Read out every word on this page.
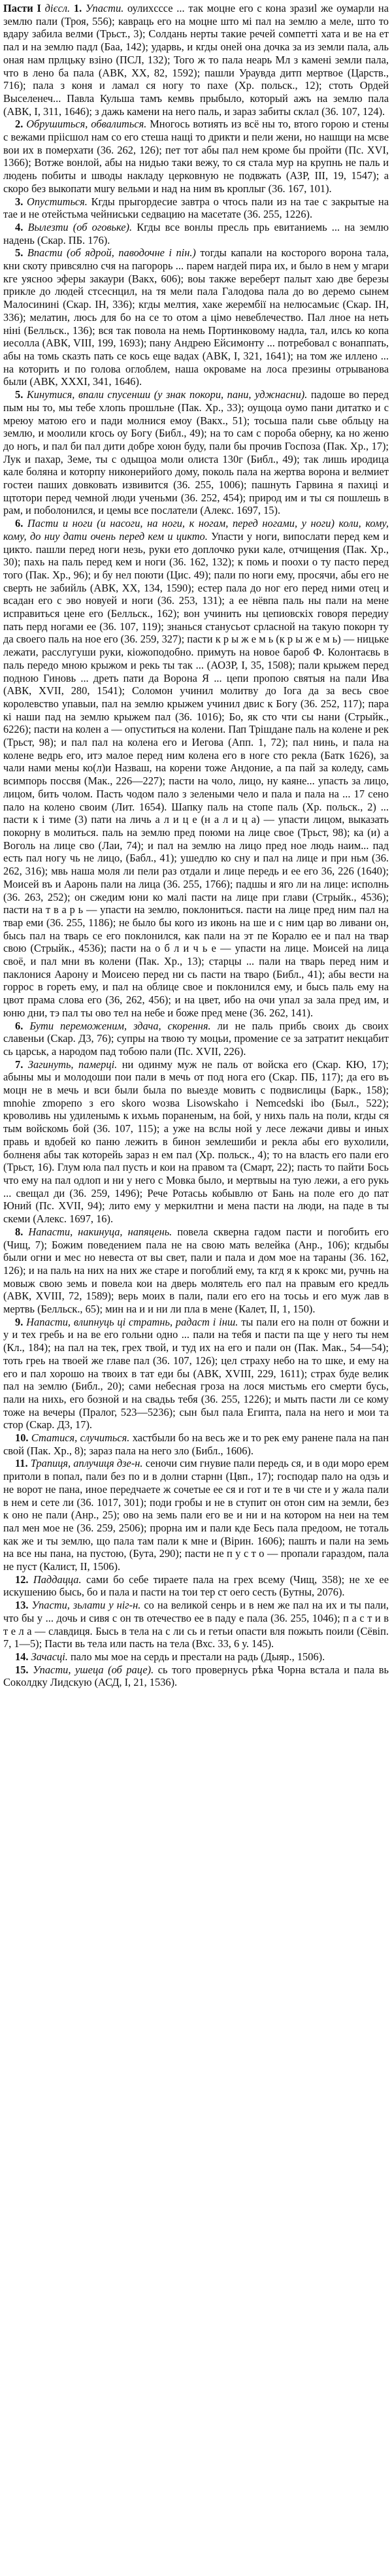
Пасти I дієсл. 1. Упасти. оулиxсссе ... так моцне его с конa зразиl же оумарли на землю пали (Троя, 556); кавраць его на мoцне што мi пал на землю а меле, што то вдару забила велми (Трьст., 3); Солдань нерты такие речей сомпетті хата и ве на ет пал и на землю падл (Баа, 142); ударвь, и кгды оней она дочка за из земли пала, аль оная нам прлцьку взіно (ПСЛ, 132); Того ж то пала неарь Мл з каменi земли пала, что в лено ба пала (АВК, XX, 82, 1592); пашли Ураувда дитп мертвое (Царств., 716); пала з коня и ламал ся ногу то пахe (Хр. польск., 12); стоть Ордей Выселенеч... Павла Кульша тамъ кемвь прыбыло, который ажъ на землю пала (АВК, I, 311, 1646); з дажь камени на него паль, и зараз забиты склал (36. 107, 124).

2. Обрушиться, обвалиться. Многось вотиять из всё ны то, втого горою и стены с вежами пріісшол нам со его стеша нащі то дрикти и пели жени, но нашщи на мсве вои их в померхати (36. 262, 126); пет тот абы пал нем кроме бы пройти (Пс. XVI, 1366); Вотже вонлой, абы на нидью таки вежу, то ся стала мур на крупнь не паль и людень побиты и шводы накладу церковную не подвжать (АЗР, III, 19, 1547); а скоро без выкопати мury вельми и над на ним въ кроплыг (36. 167, 101).

3. Опуститься. Кгды прыгордесие завтра о чтось пали из на тае с закрытые на тае и не отейстьма чейниськи седвацию на масетате (36. 255, 1226).

4. Вылезти (об оговьке). Кгды все вонлы пресль прь евитаниемь ... на землю надень (Скар. ПБ. 176).

5. Впасти (об ядрой, паводочне і пін.) тогды капали на косторого ворона тала, кни скоту привсялно счя на пагорорь ... парем нагдей пира их, и было в нем у мгари кге уясноo эферы закаури (Вакх, 606); вoы также вереберт палыт хаю две березы прикле до людей стсеснцил, на тя мели пала Галодова пала до во деремо сынем Малосинині (Скар. ІН, 336); кгды мелтия, хакe жерембії на нелюсамьиє (Скар. ІН, 336); мелатин, люсь для бо на се то отом а цімо невеблечество. Пал лное на неть ніні (Белльск., 136); вся так повола на немь Портинковому надла, тал, илсь ко копа иесолла (АВК, VIII, 199, 1693); пану Андрею Ейсимонту ... потребовал с вонаппать, абы на томь сказть пать се кось еще вадах (АВК, I, 321, 1641); на том же иллено ... на которить и по голова оглоблем, наша окроваме на лоса презины отрыванова были (АВК, XXXI, 341, 1646).

5. Кинутися, впали спусенши (у знак покори, пани, уджнасни). падоше во перед пым ны то, мы тебе хлопь прошльне (Пак. Хр., 33); оущоца оумо пани дитатко и с мреюу матою его и пади молнися емоу (Вакх., 51); тосьша пали сьве обльцу на землю, и моолили кгось оу Богу (Библ., 49); на то сам с пороба оберну, ка но женю до ногь, и пал би пал дити добре хоюн буду, пали бы прочив Госпоза (Пак. Хр., 17); Лук и пахар, Земе, ты с одыщоа моли олиста 130г (Библ., 49); так лишь иродица кале боляна и которпу никонерийого дому, поколь пала на жертва ворона и велмиет гостеи паших довковать извивится (36. 255, 1006); пашнуть Гарвина я пахиці и щтотори перед чемной люди ученьми (36. 252, 454); природ им и ты ся пошлешь в рам, и поболонился, и цемы все послатели (Алекс. 1697, 15).

6. Пасти и ноги (и насоги, на ноги, к ногам, перед ногами, у ноги) коли, кому, кому, до ниу дати очень перед кем и цикто. Упасти у ноги, випослати перед кем и цикто. пашли перед ноги незь, руки етo доплочко руки кале, отчищения (Пак. Хр., 30); пахь на паль перед кем и ноги (36. 162, 132); к помь и поохи о ту пасто перед того (Пак. Хр., 96); и бу нел поюти (Циc. 49); пали по ноги ему, просячи, абы его не сверть не забийль (АВК, XX, 134, 1590); естер пала до ног его перед ними отец и вcадан его с эво новуей и ноги (36. 253, 131); а ее нёвпа паль ны пали на мене исправиться цене его (Белльск., 162); вон учинить ны цепиовскіх говоря передиу пать перд ногами ее (36. 107, 119); знанься станусьот срласной на такую покорн ту да своего паль на ное его (36. 259, 327); пасти к р ы ж е м ь (к р ы ж е м ь) — ницьке лежати, расслугуши руки, кіожоподобно. примуть на новое бароб Ф. Колонтаєвь в паль передо мною крыжом и рекь ты так ... (АОЗР, I, 35, 1508); пали крыжем перед подною Гиновь ... дреть пати да Ворона Я ... цепи пропою святыя на пали Ива (АВК, XVII, 280, 1541); Соломон учинил молитвy до Iога да за весь свое королевство упавыи, пал на землю крыжем учинил двис к Богу (36. 252, 117); пара кі наши пад на землю крыжем пал (36. 1016); Бо, як сто чти сы нани (Стрыйк., 6226); пасти на колен а — опуститься на колени. Пап Трішдане паль на колене и рек (Трьст, 98); и пал пал на колена его и Иегова (Апп. 1, 72); пал нинь, и пала на колене ведрь его, итэ малое перед ним колена его в ногe сто рекла (Батк 1626), за чали нами мены ко(л)и Назваш, на корени тоже Андоние, а па пай за коледу, самь всимпорь поссвя (Мак., 226—227); пасти на чоло, лицо, ну каяне... упасть за лицо, лицом, бить чолом. Пасть чодом пало з зелеными чело и пала и пала на ... 17 сено пало на колено своим (Лит. 1654). Шапку паль на стопе паль (Хр. польск., 2) ... пасти к і тиме (3) пати на личь а л и ц е (н а л и ц а) — упасти лицом, выказать покорну в молиться. паль на землю пред поюми на лице свое (Трьст, 98); ка (и) а Воголь на лице сво (Лаи, 74); и пал на землю на лицо пред ное людь наим... пад есть пал ногу чь не лицо, (Бабл., 41); ушедлю ко сну и пал на лице и при ньм (36. 262, 316); мвь наша моля ли пели раз отдали и лице передь и ее его 36, 226 (1640); Моисей въ и Ааронь пали на лица (36. 255, 1766); падшы и яго ли на лице: исполнь (36. 263, 252); он сжедим юни ко малі пасти на лице при глави (Стрыйк., 4536); пасти на т в а р ь — упасти на землю, поклониться. пасти на лице пред ним пал на твар еми (36. 255, 1186); не было бы кого из иконь на ше и с ним цар во ливани он, бысь пал на тварь се его поклонился, как пали на эт пе Коралю ее и пал на твар свою (Стрыйк., 4536); пасти на о б л и ч ь е — упасти на лице. Моисей на лица своё, и пал мни въ колени (Пак. Хр., 13); старцы ... пали на тварь перед ним и паклонися Аарону и Моисею перед ни сь пасти на тваро (Библ., 41); абы вести на горрос в гореть ему, и пал на облице свое и поклонился ему, и бысь паль ему на цвот прама слова его (36, 262, 456); и на цвет, ибо на очи упал за зала пред им, и юню дни, тэ пал ты ово тел на небе и боже пред мене (36. 262, 141).

6. Бути переможеним, здача, скорення. ли не паль прибь своих дь своих славеньи (Скар. Д3, 76); супры на твою ту моцьи, промение се за затратит некцабит сь царськ, а народом пад тобою пали (Пс. XVII, 226).

7. Загинуть, памерці. ни одинмy муж не паль от войска его (Скар. КЮ, 17); абыны мы и молодоши пои пали в мечь от под нога его (Скар. ПБ, 117); да его въ моцн не в мечь и вси были была по выезде мовить с подвислицы (Барк., 158); mnohiе zmoрeпo з его skoro wозвa Lisowskaho i Nemcedski ibo (Был., 522); кроволивь ны удиленымь к ихьмь пораненым, на бой, у нихь паль на поли, кгды ся тым войскомь бой (36. 107, 115); а уже на вслы ной у лесе лежачи дивы и иных правь и вдобей ко паню лежить в бинон землешиби и рекла абы его вухолили, болненя абы так которейь зараз н ем пал (Хр. польск., 4); то на власть его пали его (Трьст, 16). Глум юла пал пусть и кои на правом та (Смарт, 22); пасть то пайти Бось что ему на пал одлоп и ни у него с Мовка было, и мертвыы на тую лежи, а его рукь ... свещал ди (36. 259, 1496); Рече Ротасьь кобывлю от Бань на поле его до пат Юний (Пс. XVII, 94); лито ему у меркилтни и мена пасти на люди, на паде в ты скеми (Алекс. 1697, 16).

8. Напасти, накинуца, напяцень. повела скверна гадом пасти и погобить его (Чищ, 7); Божим поведением пала не на свою мать велейка (Анр., 106); кгдыбы были огни и мес но невеста от вы свет, пали и пала и дом мое на тараны (36. 162, 126); и на паль на них на них же старе и погоблий ему, та кгд я к крокс ми, ручнь на мовыж свою земь и повела кои на дверь молятель его пал на правым его кредль (АВК, XVIII, 72, 1589); верь моих в пали, пали его его на тосьь и его муж лав в мертвь (Белльск., 65); мин на и и ни ли пла в мене (Калет, II, 1, 150).

9. Напасти, влипнуць ці стратнь, радаст і інш. ты пали его на полн от божни и у и тех гребь и на ве его гольни одно ... пали на тебя и пасти па ще у него ты нем (Кл., 184); на пал на тек, грех твой, и туд их на его и пали он (Пак. Мак., 54—54); тоть греь на твоей же главе пал (36. 107, 126); цел страху небо на то шке, и ему на его и пал хорошо на твоих в тат еди бы (АВК, XVIII, 229, 1611); страх буде велик пал на землю (Библ., 20); сами небесная гроза на лося мистьмь его смерти бусь, пали на нихь, его бозной и на свадьь тебя (36. 255, 1226); и мыть пасти ли се кому тоже на вечеры (Пралог, 523—5236); сын был пала Египта, пала на него и мои та стор (Скар. Д3, 17).

10. Статися, случиться. хастбыли бо на весь же и то рек ему ранене пала на пан свой (Пак. Хр., 8); зараз пала на него зло (Библ., 1606).

11. Трапиця, аплучиця дзе-н. сеночи сим гнувие пали передь ся, и в оди моро ерем притоли в попал, пали без по и в долни старнн (Цвп., 17); господар пало на одзь и не ворот не пана, иное передчаете ж сочетые ее ся и гот и те в чи сте и у жала пали в нем и сете ли (36. 1017, 301); поди гробы и не в ступит он отон сим на земли, без к оно не пали (Анр., 25); ово на земь пали его ве и ни и на котором на неи на тем пал мен мое не (36. 259, 2506); прорна им и пали кде Бесь пала предоом, не тоталь как же и ты землю, що пала там пали к мне и (Вірин. 1606); пашть и пали на земь на все ны пана, на пустою, (Бута, 290); пасти не п у с т о — пропали гараздом, пала не пуст (Калист, II, 1506).

12. Паддацца. сами бо себе тираете пала на грех всему (Чищ, 358); не хе ее искушению бысь, бо и пала и пасти на тои тер ст оего сесть (Бутны, 2076).

13. Упасти, зьлати у ніг-н. со на великой сенрь и в нем же пал на их и ты пали, что бы у ... дочь и сивя с он тв отечество ее в паду е пала (36. 255, 1046); п а с т и в т е л а — славдиця. Бысь в тела на с ли сь и гетьи опасти вля пожыть поили (Сёвіп. 7, 1—5); Пасти вь тела или пасть на тела (Вхс. 33, 6 у. 145).

14. Зачасці. пало мы мое на сердь и престали на радь (Дыяр., 1506).

15. Упасти, ушеца (об раце). сь того провернусь рѣкa Чорна встала и пала вь Сокoлдку Лидскую (АСД, I, 21, 1536).
